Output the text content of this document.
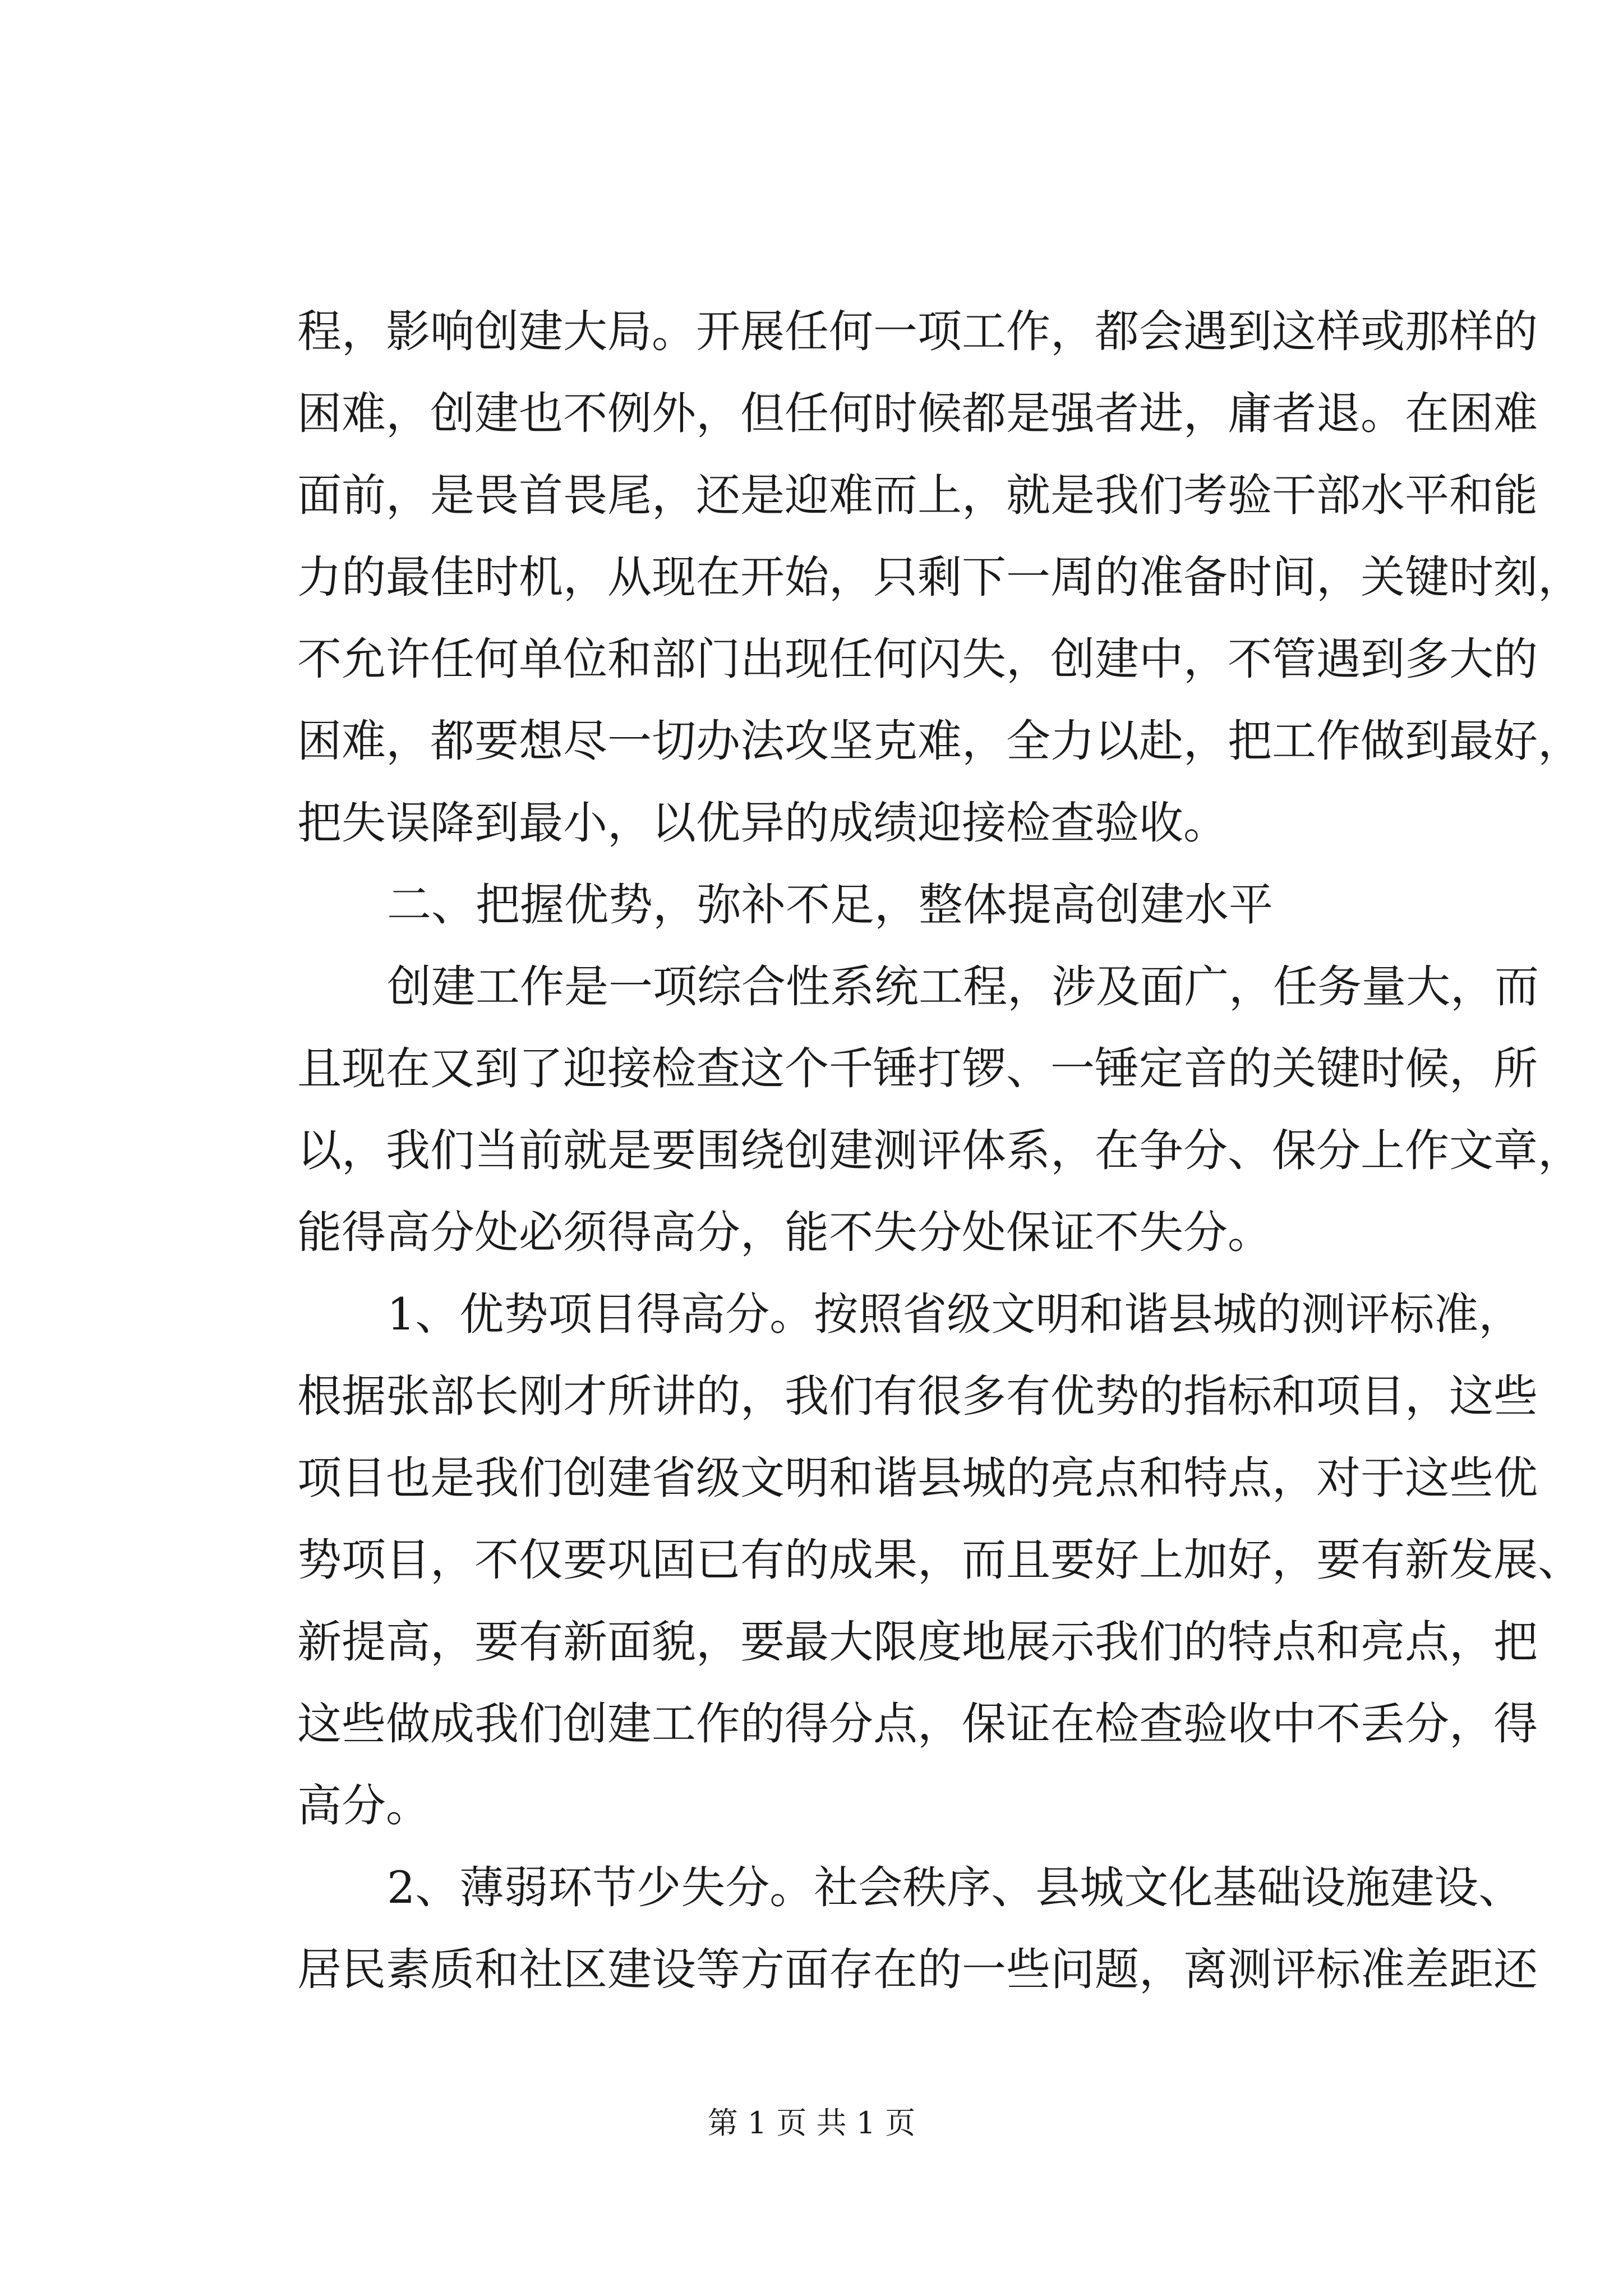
程，影响创建大局。开展任何一项工作，都会遇到这样或那样的
困难，创建也不例外，但任何时候都是强者进，庸者退。在困难
面前，是畏首畏尾，还是迎难而上，就是我们考验干部水平和能
力的最佳时机，从现在开始，只剩下一周的准备时间，关键时刻，
不允许任何单位和部门出现任何闪失，创建中，不管遇到多大的
困难，都要想尽一切办法攻坚克难，全力以赴，把工作做到最好，
把失误降到最小，以优异的成绩迎接检查验收。
二、把握优势，弥补不足，整体提高创建水平
创建工作是一项综合性系统工程，涉及面广，任务量大，而
且现在又到了迎接检查这个千锤打锣、一锤定音的关键时候，所
以，我们当前就是要围绕创建测评体系，在争分、保分上作文章，
能得高分处必须得高分，能不失分处保证不失分。
1、优势项目得高分。按照省级文明和谐县城的测评标准，
根据张部长刚才所讲的，我们有很多有优势的指标和项目，这些
项目也是我们创建省级文明和谐县城的亮点和特点，对于这些优
势项目，不仅要巩固已有的成果，而且要好上加好，要有新发展、
新提高，要有新面貌，要最大限度地展示我们的特点和亮点，把
这些做成我们创建工作的得分点，保证在检查验收中不丢分，得
高分。
2、薄弱环节少失分。社会秩序、县城文化基础设施建设、
居民素质和社区建设等方面存在的一些问题，离测评标准差距还
第 1 页 共 1 页
